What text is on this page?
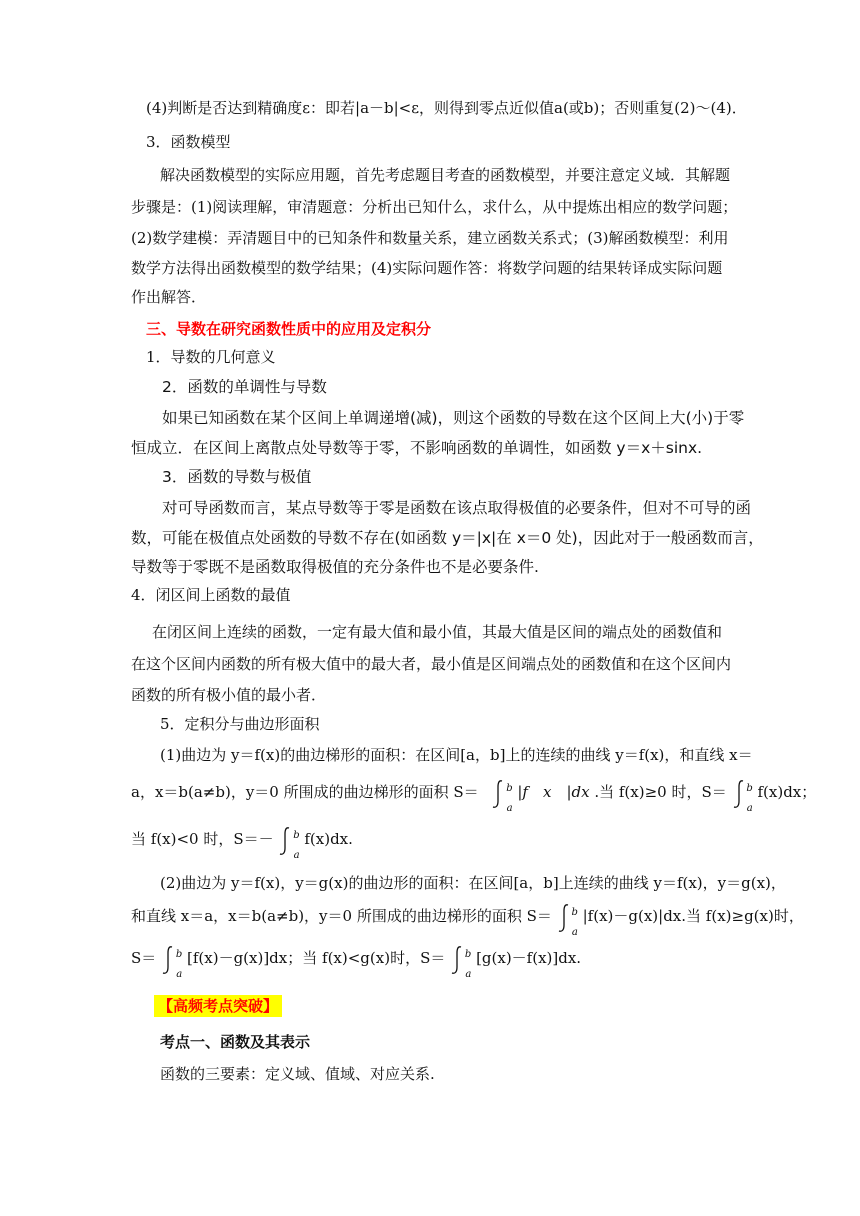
(4)判断是否达到精确度ε：即若|a－b|<ε，则得到零点近似值a(或b)；否则重复(2)～(4)．
3．函数模型
解决函数模型的实际应用题，首先考虑题目考查的函数模型，并要注意定义域．其解题
步骤是：(1)阅读理解，审清题意：分析出已知什么，求什么，从中提炼出相应的数学问题；
(2)数学建模：弄清题目中的已知条件和数量关系，建立函数关系式；(3)解函数模型：利用
数学方法得出函数模型的数学结果；(4)实际问题作答：将数学问题的结果转译成实际问题
作出解答．
三、导数在研究函数性质中的应用及定积分
1．导数的几何意义
2．函数的单调性与导数
如果已知函数在某个区间上单调递增(减)，则这个函数的导数在这个区间上大(小)于零
恒成立．在区间上离散点处导数等于零，不影响函数的单调性，如函数 y＝x＋sinx.
3．函数的导数与极值
对可导函数而言，某点导数等于零是函数在该点取得极值的必要条件，但对不可导的函
数，可能在极值点处函数的导数不存在(如函数 y＝|x|在 x＝0 处)，因此对于一般函数而言，
导数等于零既不是函数取得极值的充分条件也不是必要条件.
4．闭区间上函数的最值
在闭区间上连续的函数，一定有最大值和最小值，其最大值是区间的端点处的函数值和
在这个区间内函数的所有极大值中的最大者，最小值是区间端点处的函数值和在这个区间内
函数的所有极小值的最小者．
5．定积分与曲边形面积
(1)曲边为 y＝f(x)的曲边梯形的面积：在区间[a，b]上的连续的曲线 y＝f(x)，和直线 x＝
a，x＝b(a≠b)，y＝0 所围成的曲边梯形的面积 S＝	$^b_a$ |f　x　|dx .当 f(x)≥0 时，S＝ $^b_a$ f(x)dx；
当 f(x)<0 时，S＝－ $^b_a$ f(x)dx.
(2)曲边为 y＝f(x)，y＝g(x)的曲边形的面积：在区间[a，b]上连续的曲线 y＝f(x)，y＝g(x)，
和直线 x＝a，x＝b(a≠b)，y＝0 所围成的曲边梯形的面积 S＝ $^b_a$ |f(x)－g(x)|dx.当 f(x)≥g(x)时，
S＝ $^b_a$ [f(x)－g(x)]dx；当 f(x)<g(x)时，S＝ $^b_a$ [g(x)－f(x)]dx.
【高频考点突破】
考点一、函数及其表示
函数的三要素：定义域、值域、对应关系.
